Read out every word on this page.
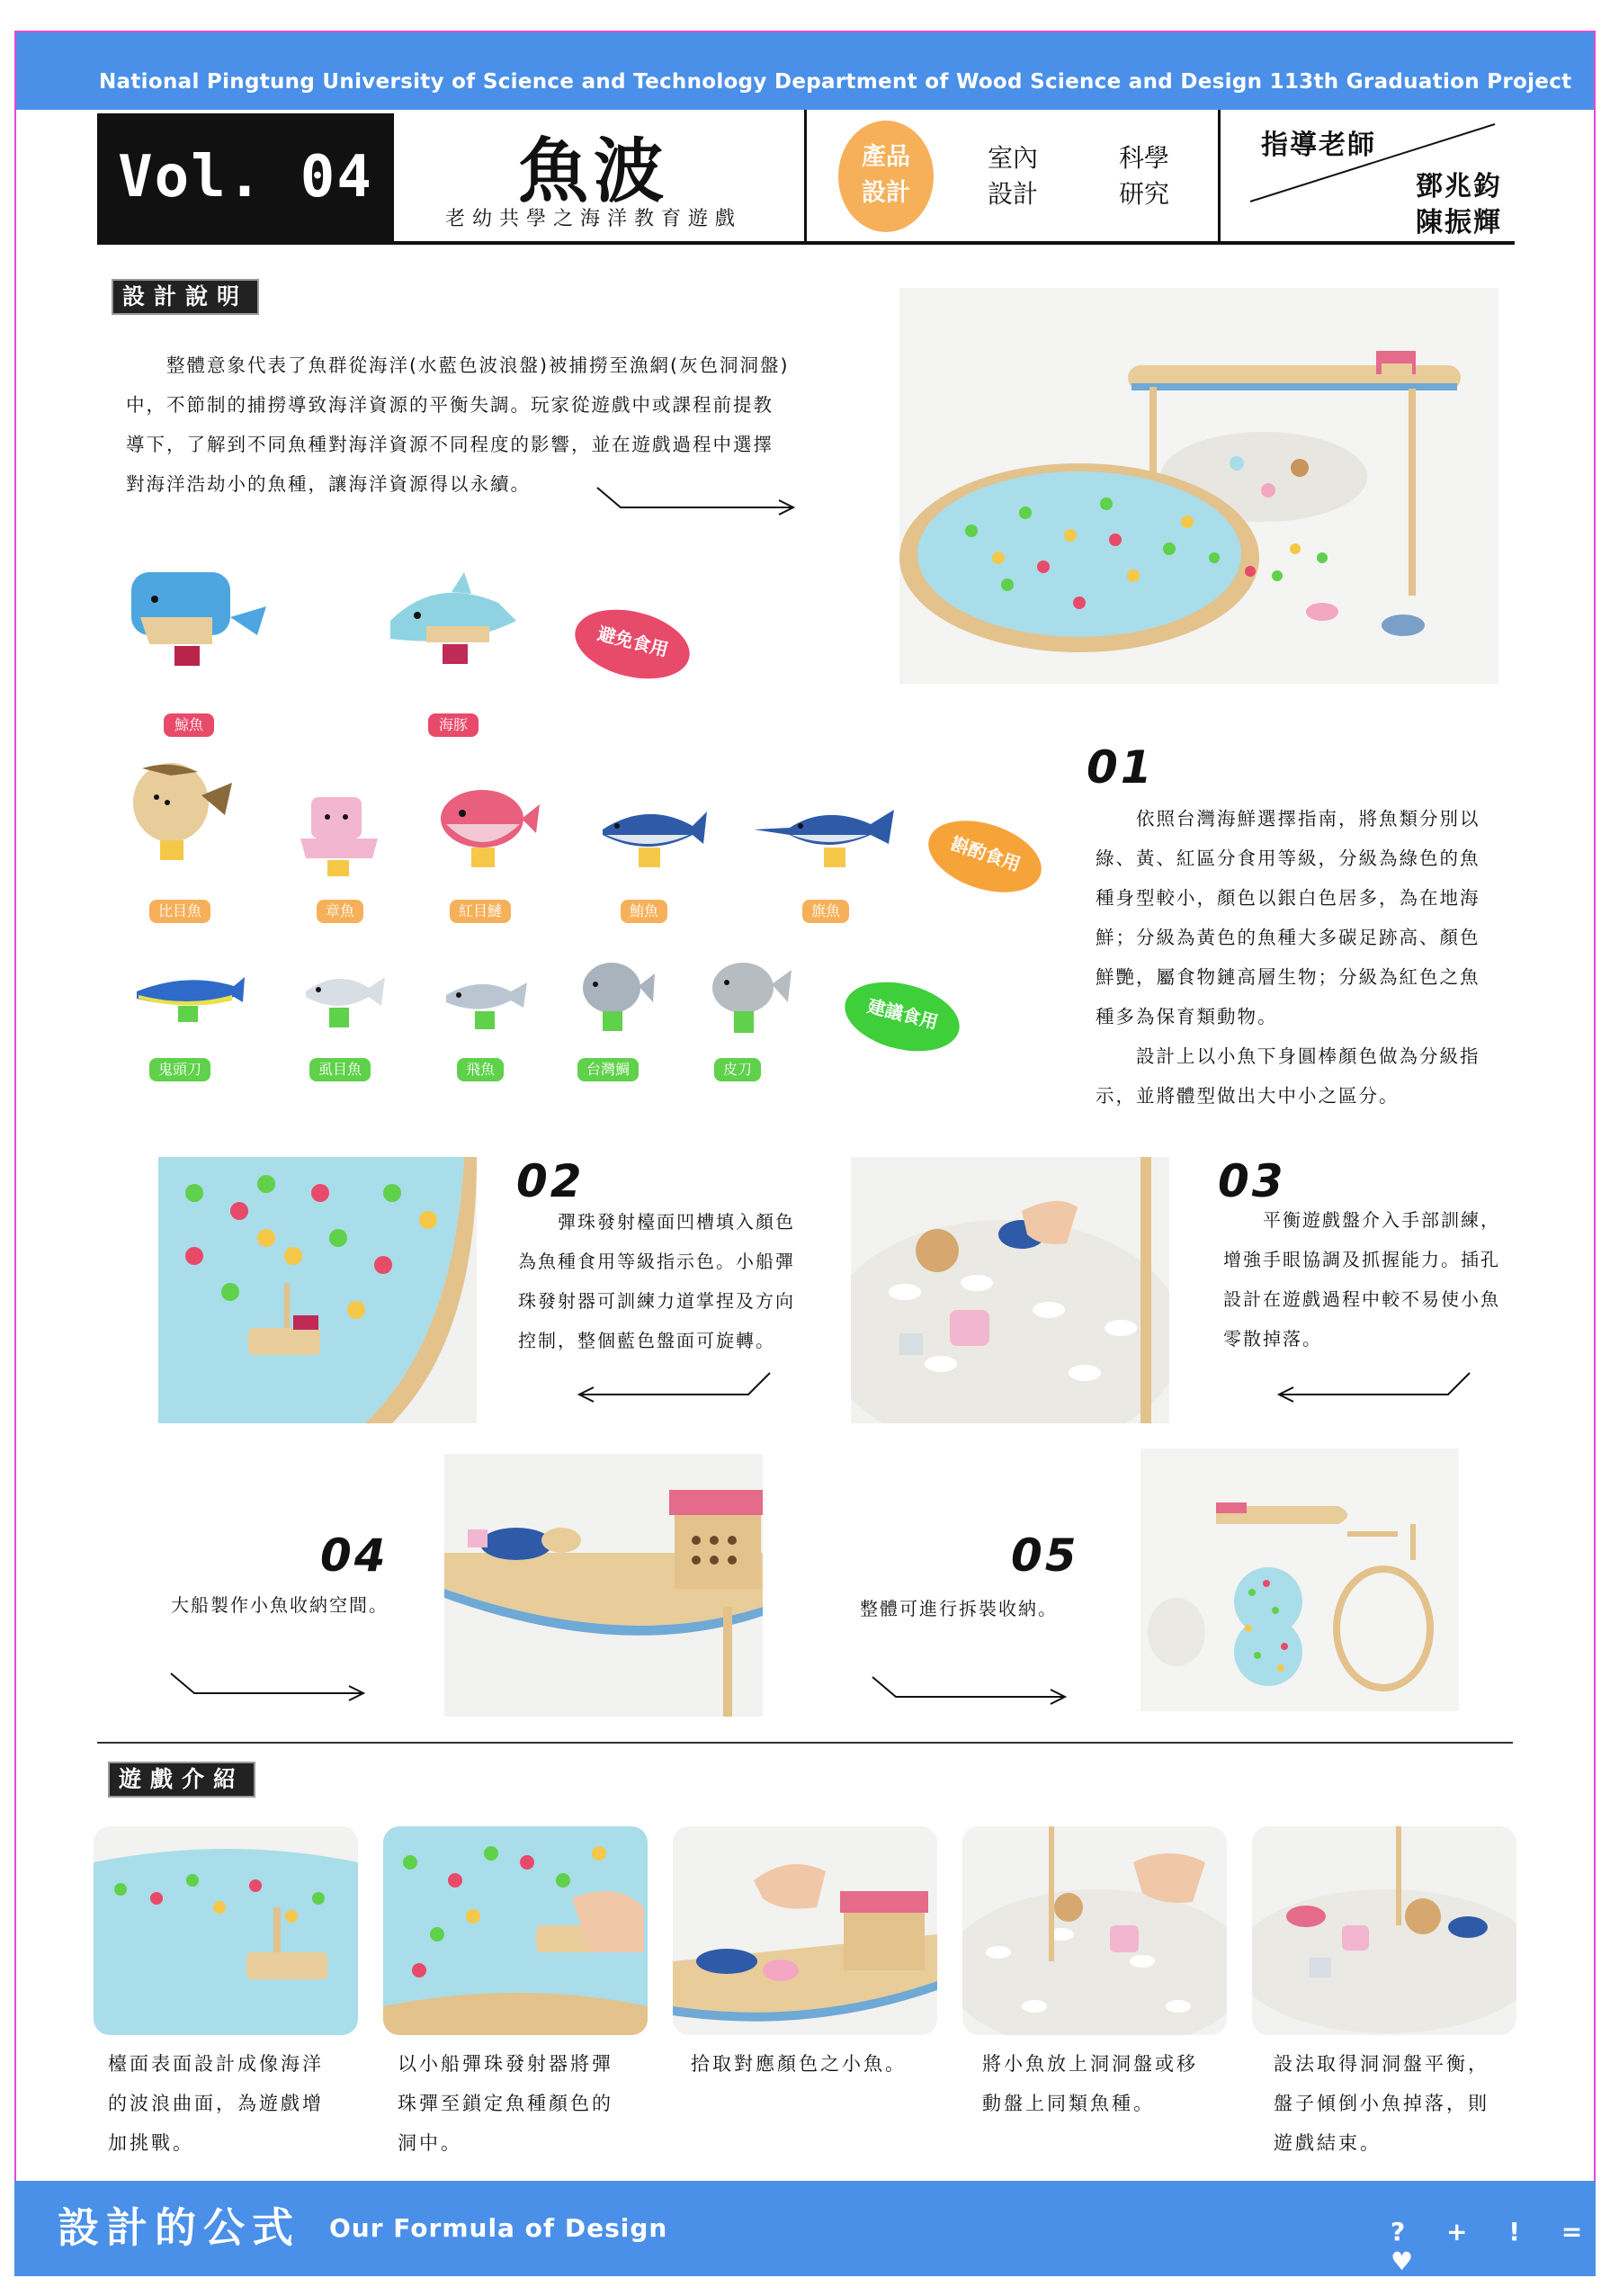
National Pingtung University of Science and Technology Department of Wood Science and Design 113th Graduation Project
Vol. 04	魚波
老幼共學之海洋教育遊戲
產品
設計
室內
設計
科學
研究
指導老師
鄧兆鈞
陳振輝
設計說明
　　整體意象代表了魚群從海洋(水藍色波浪盤)被捕撈至漁網(灰色洞洞盤)
中，不節制的捕撈導致海洋資源的平衡失調。玩家從遊戲中或課程前提教
導下，了解到不同魚種對海洋資源不同程度的影響，並在遊戲過程中選擇
對海洋浩劫小的魚種，讓海洋資源得以永續。
避免食用
鯨魚	海豚
斟酌食用
比目魚	章魚	紅目鰱	鮪魚	旗魚
建議食用
鬼頭刀	虱目魚	飛魚	台灣鯛	皮刀
01
　　依照台灣海鮮選擇指南，將魚類分別以
綠、黃、紅區分食用等級，分級為綠色的魚
種身型較小，顏色以銀白色居多，為在地海
鮮；分級為黃色的魚種大多碳足跡高、顏色
鮮艷，屬食物鏈高層生物；分級為紅色之魚
種多為保育類動物。
　　設計上以小魚下身圓棒顏色做為分級指
示，並將體型做出大中小之區分。
02
　　彈珠發射檯面凹槽填入顏色
為魚種食用等級指示色。小船彈
珠發射器可訓練力道掌捏及方向
控制，整個藍色盤面可旋轉。
03
　　平衡遊戲盤介入手部訓練，
增強手眼協調及抓握能力。插孔
設計在遊戲過程中較不易使小魚
零散掉落。
04
大船製作小魚收納空間。
05
整體可進行拆裝收納。
遊戲介紹
檯面表面設計成像海洋
的波浪曲面，為遊戲增
加挑戰。
以小船彈珠發射器將彈
珠彈至鎖定魚種顏色的
洞中。
拾取對應顏色之小魚。	將小魚放上洞洞盤或移
動盤上同類魚種。
設法取得洞洞盤平衡，
盤子傾倒小魚掉落，則
遊戲結束。
設計的公式 Our Formula of Design	? + ! = ♥
